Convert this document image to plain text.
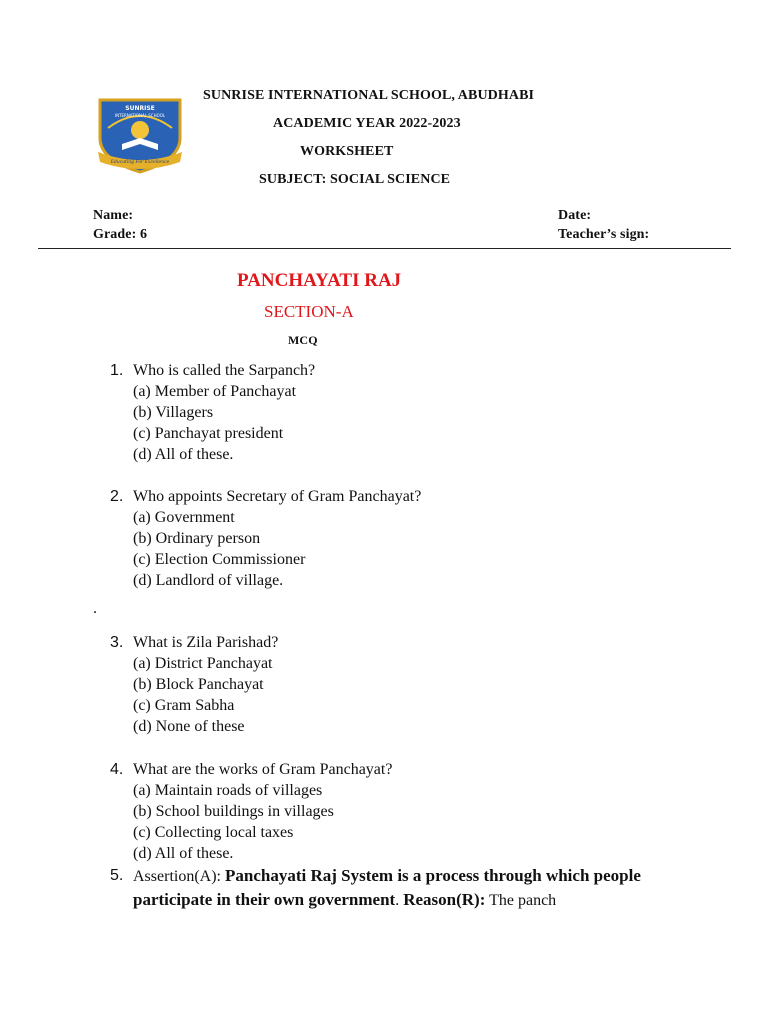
SUNRISE
INTERNATIONAL SCHOOL
Educating For Excellence
SUNRISE INTERNATIONAL SCHOOL, ABUDHABI
ACADEMIC YEAR 2022-2023
WORKSHEET
SUBJECT: SOCIAL SCIENCE
Name:
Grade: 6
Date:
Teacher’s sign:
PANCHAYATI RAJ
SECTION-A
MCQ
1. Who is called the Sarpanch?
(a) Member of Panchayat
(b) Villagers
(c) Panchayat president
(d) All of these.
2. Who appoints Secretary of Gram Panchayat?
(a) Government
(b) Ordinary person
(c) Election Commissioner
(d) Landlord of village.
.
3. What is Zila Parishad?
(a) District Panchayat
(b) Block Panchayat
(c) Gram Sabha
(d) None of these
4. What are the works of Gram Panchayat?
(a) Maintain roads of villages
(b) School buildings in villages
(c) Collecting local taxes
(d) All of these.
5. Assertion(A): Panchayati Raj System is a process through which people participate in their own government. Reason(R): The panch
